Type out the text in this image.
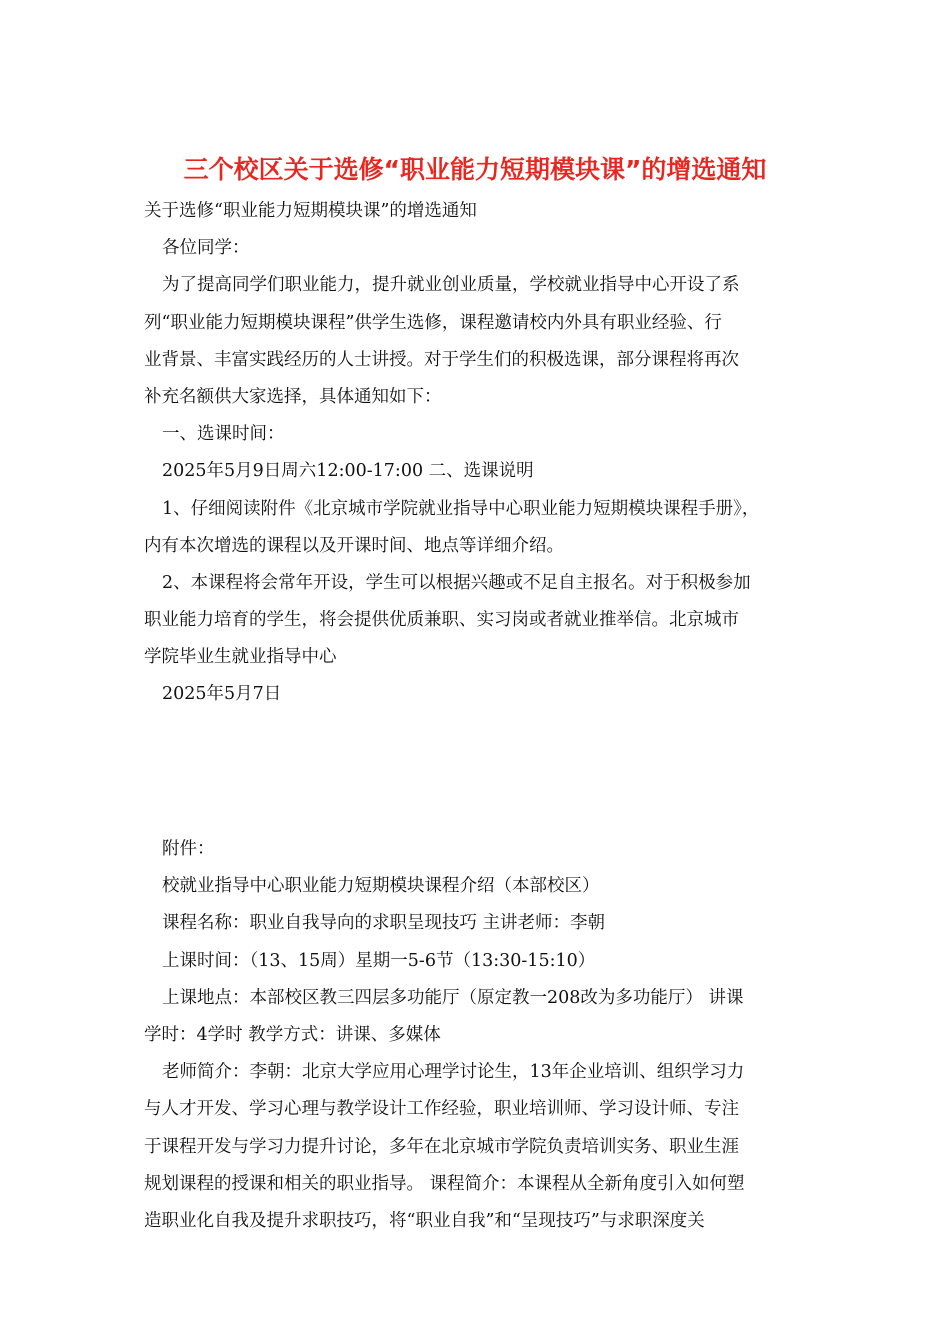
三个校区关于选修“职业能力短期模块课”的增选通知
关于选修“职业能力短期模块课”的增选通知
各位同学：
为了提高同学们职业能力，提升就业创业质量，学校就业指导中心开设了系
列“职业能力短期模块课程”供学生选修，课程邀请校内外具有职业经验、行
业背景、丰富实践经历的人士讲授。对于学生们的积极选课，部分课程将再次
补充名额供大家选择，具体通知如下：
一、选课时间：
2025年5月9日周六12:00-17:00 二、选课说明
1、仔细阅读附件《北京城市学院就业指导中心职业能力短期模块课程手册》，
内有本次增选的课程以及开课时间、地点等详细介绍。
2、本课程将会常年开设，学生可以根据兴趣或不足自主报名。对于积极参加
职业能力培育的学生，将会提供优质兼职、实习岗或者就业推举信。北京城市
学院毕业生就业指导中心
2025年5月7日
附件：
校就业指导中心职业能力短期模块课程介绍（本部校区）
课程名称：职业自我导向的求职呈现技巧 主讲老师：李朝
上课时间：（13、15周）星期一5-6节（13:30-15:10）
上课地点：本部校区教三四层多功能厅（原定教一208改为多功能厅） 讲课
学时：4学时 教学方式：讲课、多媒体
老师简介：李朝：北京大学应用心理学讨论生，13年企业培训、组织学习力
与人才开发、学习心理与教学设计工作经验，职业培训师、学习设计师、专注
于课程开发与学习力提升讨论，多年在北京城市学院负责培训实务、职业生涯
规划课程的授课和相关的职业指导。 课程简介：本课程从全新角度引入如何塑
造职业化自我及提升求职技巧，将“职业自我”和“呈现技巧”与求职深度关
